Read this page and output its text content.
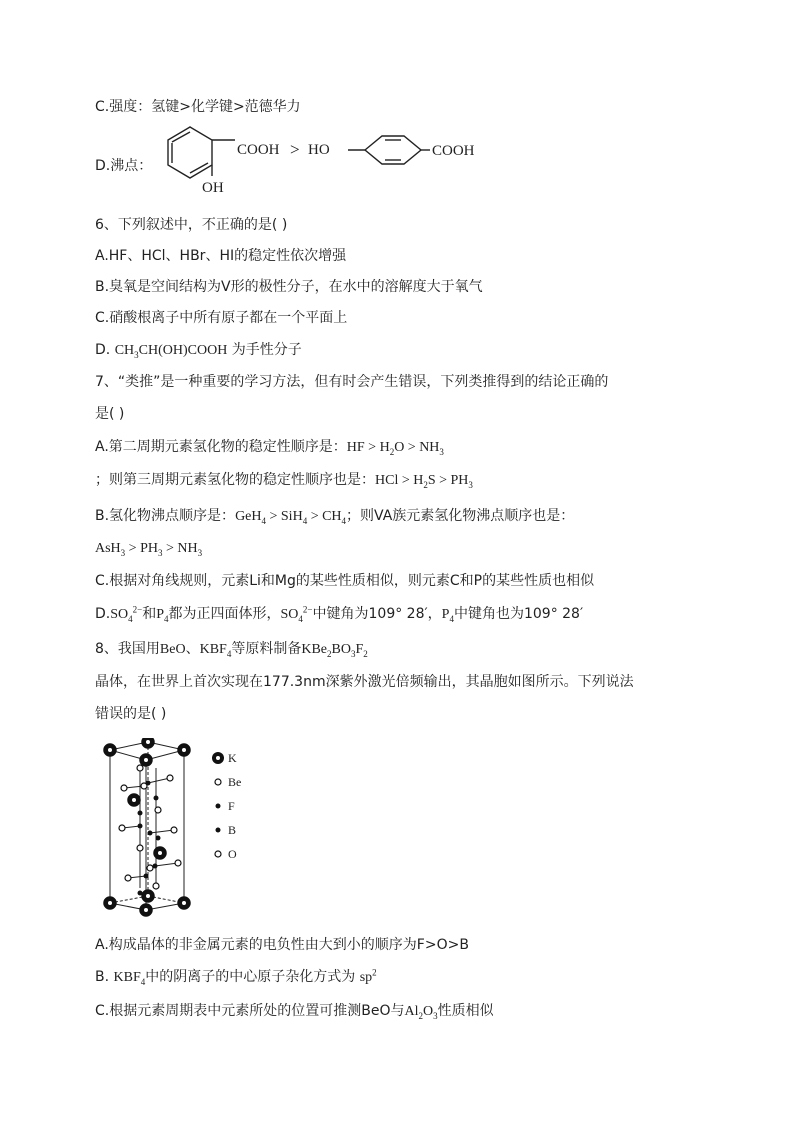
C.强度：氢键>化学键>范德华力
D.沸点：
COOH > HO
OH
COOH
6、下列叙述中，不正确的是( )
A.HF、HCl、HBr、HI的稳定性依次增强
B.臭氧是空间结构为V形的极性分子，在水中的溶解度大于氧气
C.硝酸根离子中所有原子都在一个平面上
D. $CH_3CH(OH)COOH$ 为手性分子
7、“类推”是一种重要的学习方法，但有时会产生错误，下列类推得到的结论正确的
是( )
A.第二周期元素氢化物的稳定性顺序是：HF > $H_2O > NH_3$
；则第三周期元素氢化物的稳定性顺序也是：HCl > $H_2S > PH_3$
B.氢化物沸点顺序是：$GeH_4 > SiH_4 > CH_4$；则VA族元素氢化物沸点顺序也是：
$AsH_3 > PH_3 > NH_3$
C.根据对角线规则，元素Li和Mg的某些性质相似，则元素C和P的某些性质也相似
$D.SO_4^{2-}$和$P_4$都为正四面体形，$SO_4^{2-}$中键角为109° 28′，$P_4$中键角也为109° 28′
8、我国用BeO、$KBF_4$等原料制备$KBe_2BO_3F_2$
晶体，在世界上首次实现在177.3nm深紫外激光倍频输出，其晶胞如图所示。下列说法
错误的是( )
K
Be
F
B
O
A.构成晶体的非金属元素的电负性由大到小的顺序为F>O>B
B. $KBF_4$中的阴离子的中心原子杂化方式为 $sp^2$
C.根据元素周期表中元素所处的位置可推测BeO与$Al_2O_3$性质相似
